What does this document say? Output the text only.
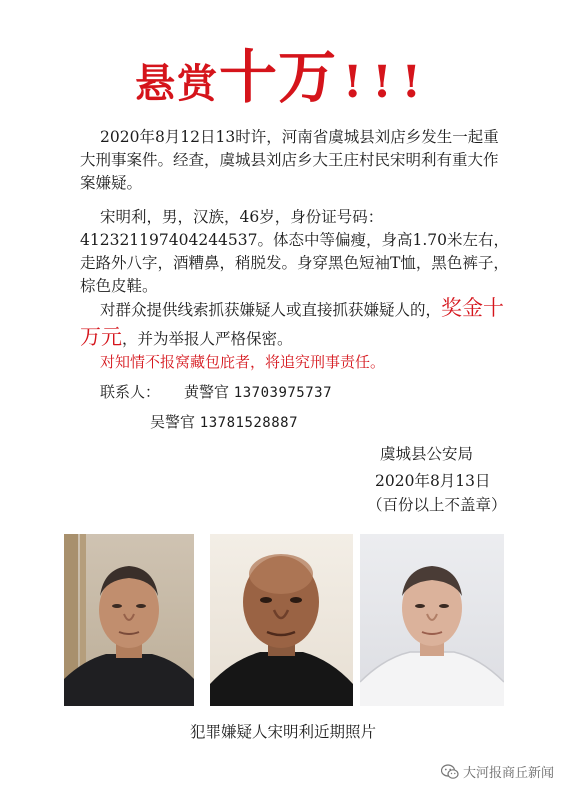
悬赏十万 !!!

2020年8月12日13时许，河南省虞城县刘店乡发生一起重大刑事案件。经查，虞城县刘店乡大王庄村民宋明利有重大作案嫌疑。

宋明利，男，汉族，46岁，身份证号码：412321197404244537。体态中等偏瘦，身高1.70米左右，走路外八字，酒糟鼻，稍脱发。身穿黑色短袖T恤，黑色裤子，棕色皮鞋。

对群众提供线索抓获嫌疑人或直接抓获嫌疑人的，奖金十万元，并为举报人严格保密。

对知情不报窝藏包庇者，将追究刑事责任。

联系人： 黄警官 13703975737
吴警官 13781528887
虞城县公安局
2020年8月13日
（百份以上不盖章）
犯罪嫌疑人宋明利近期照片
大河报商丘新闻
